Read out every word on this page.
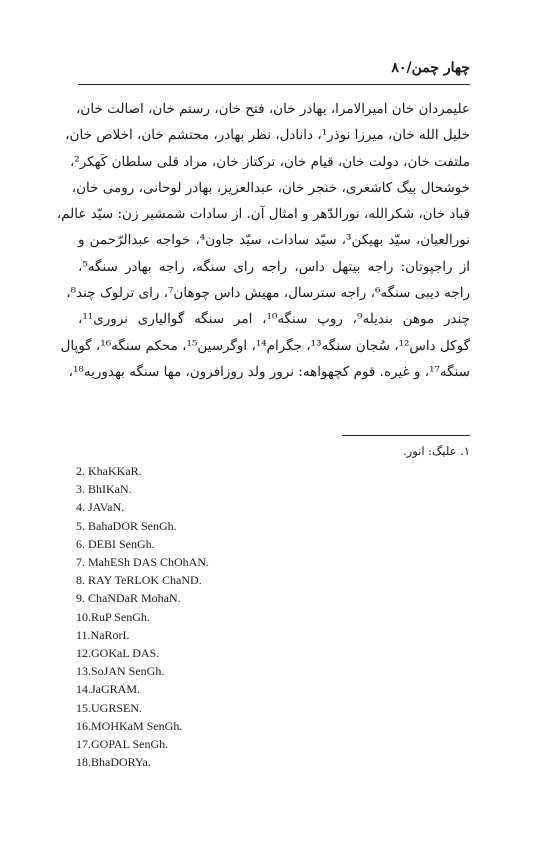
چهار چمن/۸۰
علیمردان خان امیرالامرا، بهادر خان، فتح خان، رستم خان، اصالت خان،
خلیل الله خان، میرزا نوذر¹، دانادل، نظر بهادر، محتشم خان، اخلاص خان،
ملتفت خان، دولت خان، قیام خان، ترکتاز خان، مراد قلی سلطان کَهکر²،
خوشحال بیگ کاشغری، خنجر خان، عبدالعزیز، بهادر لوحانی، رومی خان،
قباد خان، شکرالله، نورالدّهر و امثال آن. از سادات شمشیر زن: سیّد عالم،
نورالعیان، سیّد بهیکن³، سیّد سادات، سیّد جاون⁴، خواجه عبدالرّحمن و
از راجپوتان: راجه بیتهل داس، راجه رای سنگه، راجه بهادر سنگه⁵،
راجه دیبی سنگه⁶، راجه سترسال، مهیش داس چوهان⁷، رای ترلوک چند⁸،
چندر موهن بندیله⁹، روپ سنگه¹⁰، امر سنگه گوالیاری نروری¹¹،
گوکل داس¹²، سُجان سنگه¹³، جگرام¹⁴، اوگرسین¹⁵، محکم سنگه¹⁶، گوپال
سنگه¹⁷، و غیره. قوم کچهواهه: نرور ولد روزافزون، مها سنگه بهدوریه¹⁸،
۱. علیگ: انور.
2. KhaKKaR.
3. BhIKaN.
4. JAVaN.
5. BahaDOR SenGh.
6. DEBI SenGh.
7. MahESh DAS ChOhAN.
8. RAY TeRLOK ChaND.
9. ChaNDaR MohaN.
10.RuP SenGh.
11.NaRorI.
12.GOKaL DAS.
13.SoJAN SenGh.
14.JaGRAM.
15.UGRSEN.
16.MOHKaM SenGh.
17.GOPAL SenGh.
18.BhaDORYa.
